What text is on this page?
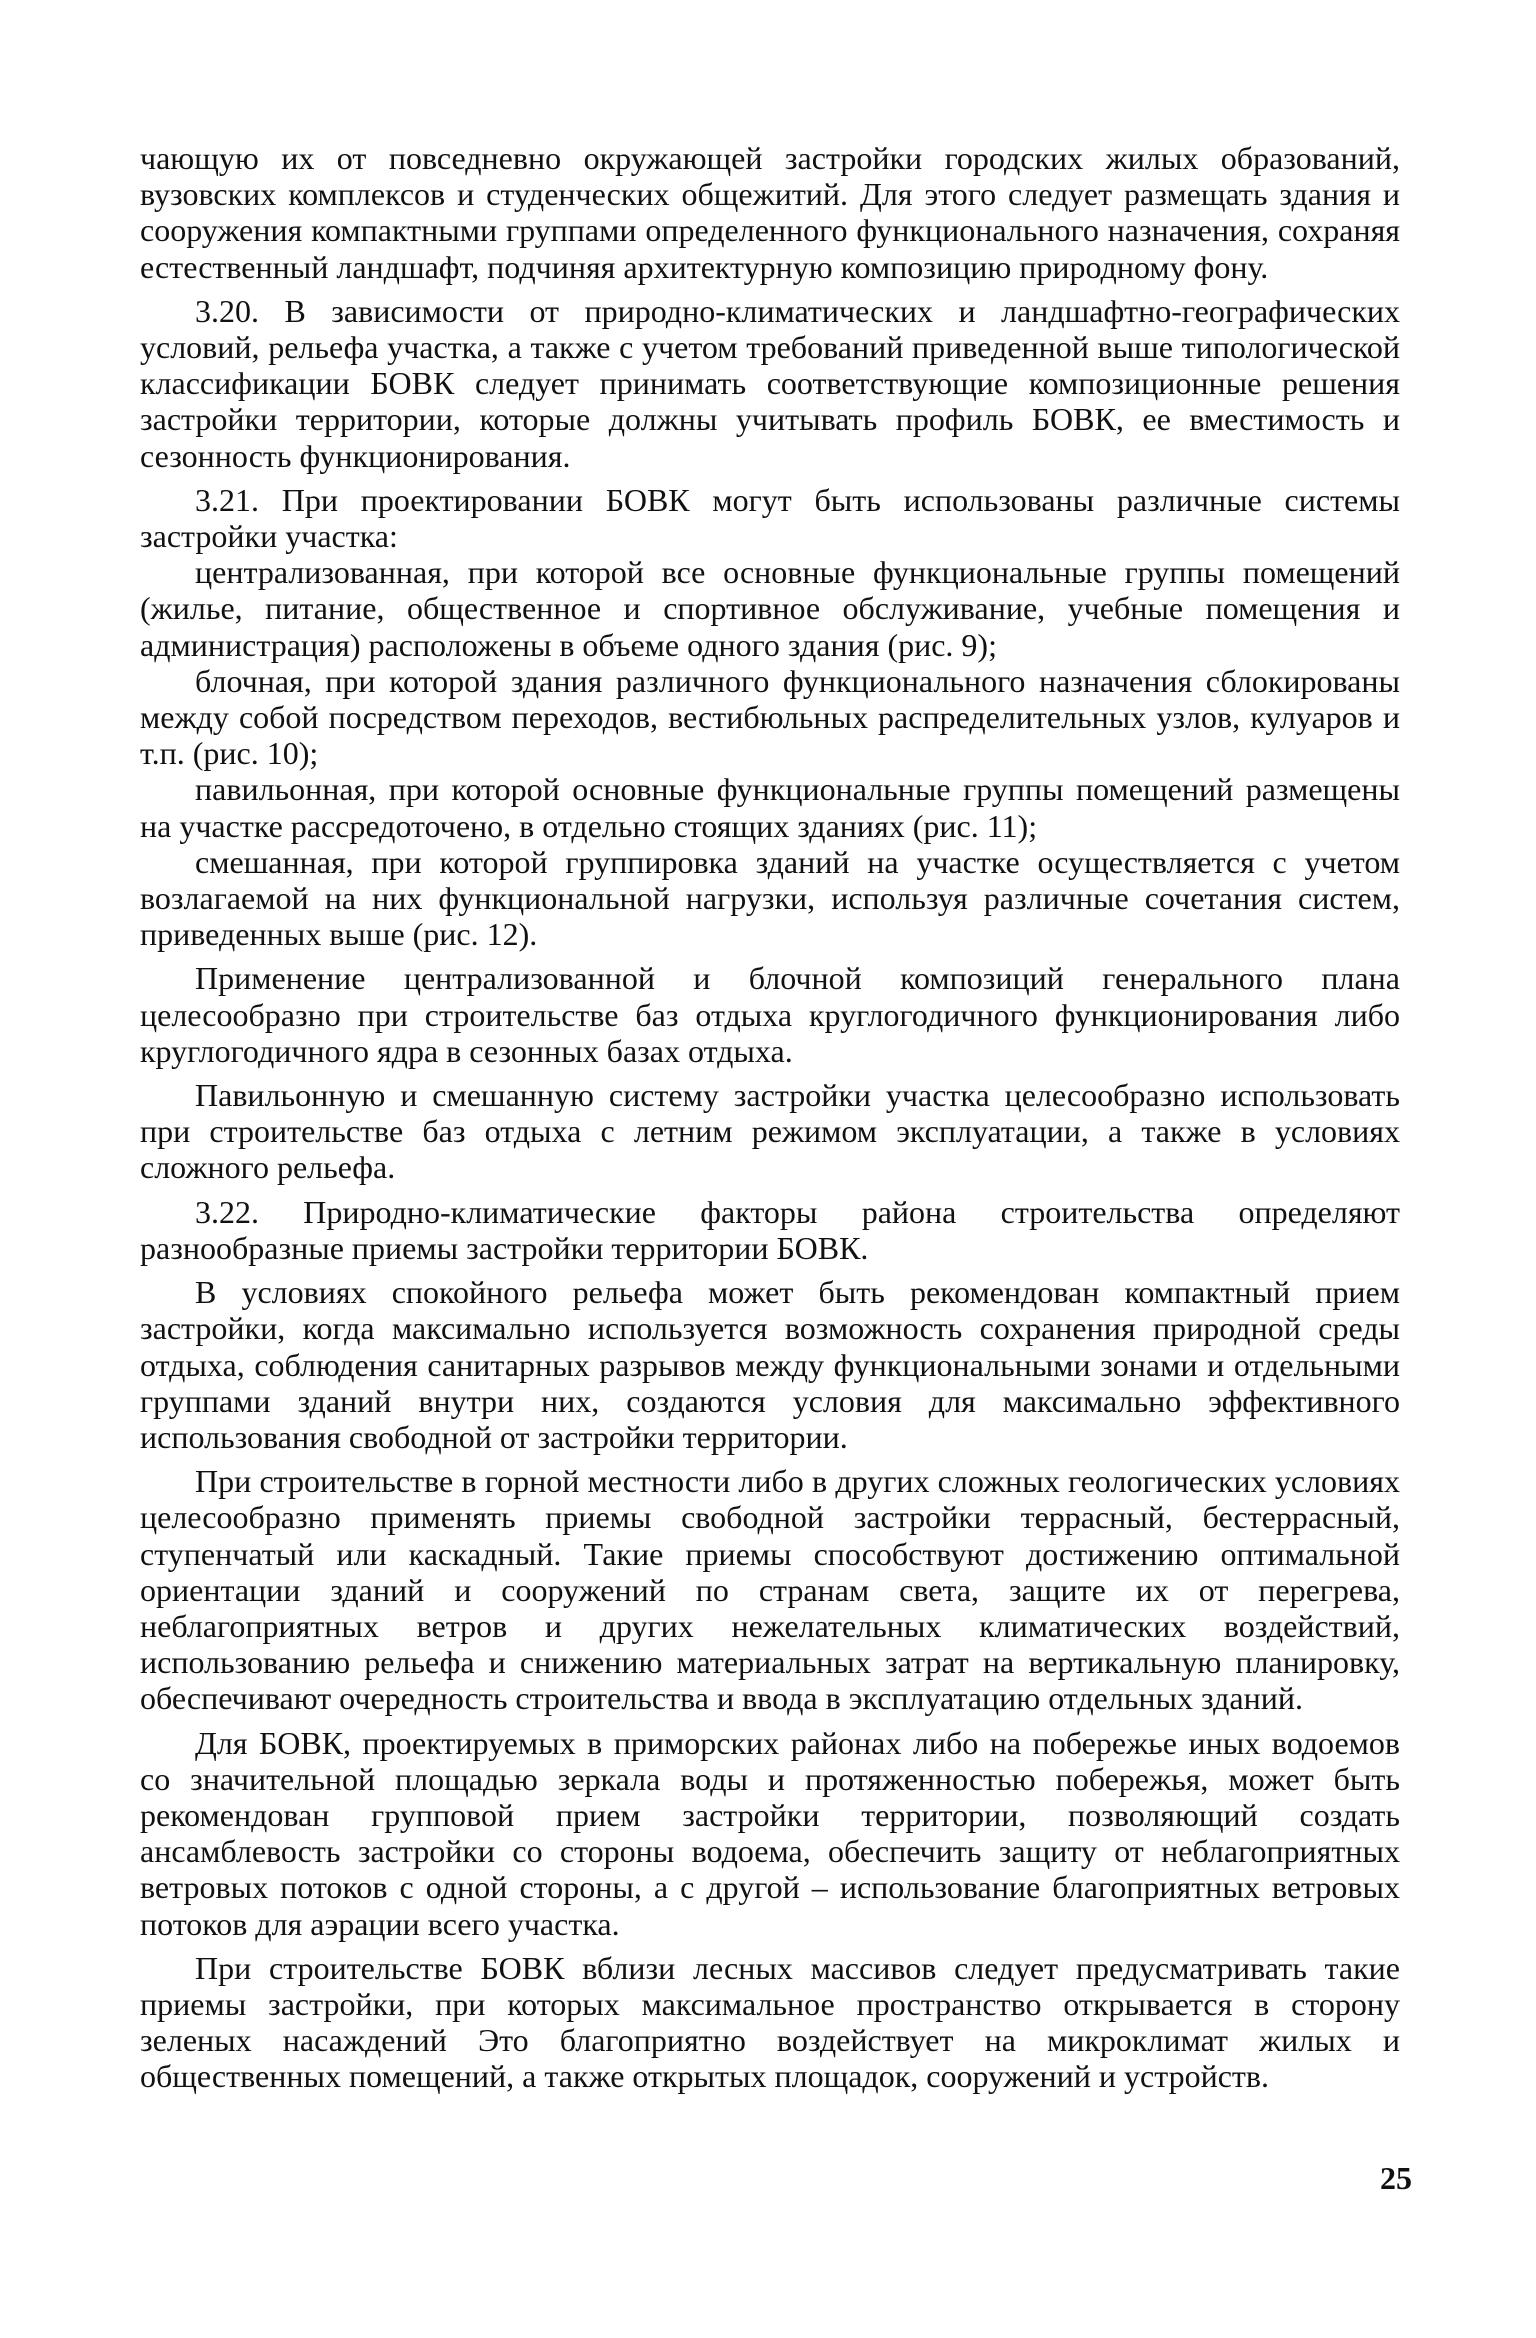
чающую их от повседневно окружающей застройки городских жилых образований, вузовских комплексов и студенческих общежитий. Для этого следует размещать здания и сооружения компактными группами определенного функционального назначения, сохраняя естественный ландшафт, подчиняя архитектурную композицию природному фону.

3.20. В зависимости от природно-климатических и ландшафтно-географических условий, рельефа участка, а также с учетом требований приведенной выше типологической классификации БОВК следует принимать соответствующие композиционные решения застройки территории, которые должны учитывать профиль БОВК, ее вместимость и сезонность функционирования.

3.21. При проектировании БОВК могут быть использованы различные системы застройки участка:

централизованная, при которой все основные функциональные группы помещений (жилье, питание, общественное и спортивное обслуживание, учебные помещения и администрация) расположены в объеме одного здания (рис. 9);

блочная, при которой здания различного функционального назначения сблокированы между собой посредством переходов, вестибюльных распределительных узлов, кулуаров и т.п. (рис. 10);

павильонная, при которой основные функциональные группы помещений размещены на участке рассредоточено, в отдельно стоящих зданиях (рис. 11);

смешанная, при которой группировка зданий на участке осуществляется с учетом возлагаемой на них функциональной нагрузки, используя различные сочетания систем, приведенных выше (рис. 12).

Применение централизованной и блочной композиций генерального плана целесообразно при строительстве баз отдыха круглогодичного функционирования либо круглогодичного ядра в сезонных базах отдыха.

Павильонную и смешанную систему застройки участка целесообразно использовать при строительстве баз отдыха с летним режимом эксплуатации, а также в условиях сложного рельефа.

3.22. Природно-климатические факторы района строительства определяют разнообразные приемы застройки территории БОВК.

В условиях спокойного рельефа может быть рекомендован компактный прием застройки, когда максимально используется возможность сохранения природной среды отдыха, соблюдения санитарных разрывов между функциональными зонами и отдельными группами зданий внутри них, создаются условия для максимально эффективного использования свободной от застройки территории.

При строительстве в горной местности либо в других сложных геологических условиях целесообразно применять приемы свободной застройки террасный, бестеррасный, ступенчатый или каскадный. Такие приемы способствуют достижению оптимальной ориентации зданий и сооружений по странам света, защите их от перегрева, неблагоприятных ветров и других нежелательных климатических воздействий, использованию рельефа и снижению материальных затрат на вертикальную планировку, обеспечивают очередность строительства и ввода в эксплуатацию отдельных зданий.

Для БОВК, проектируемых в приморских районах либо на побережье иных водоемов со значительной площадью зеркала воды и протяженностью побережья, может быть рекомендован групповой прием застройки территории, позволяющий создать ансамблевость застройки со стороны водоема, обеспечить защиту от неблагоприятных ветровых потоков с одной стороны, а с другой – использование благоприятных ветровых потоков для аэрации всего участка.

При строительстве БОВК вблизи лесных массивов следует предусматривать такие приемы застройки, при которых максимальное пространство открывается в сторону зеленых насаждений Это благоприятно воздействует на микроклимат жилых и общественных помещений, а также открытых площадок, сооружений и устройств.

25
